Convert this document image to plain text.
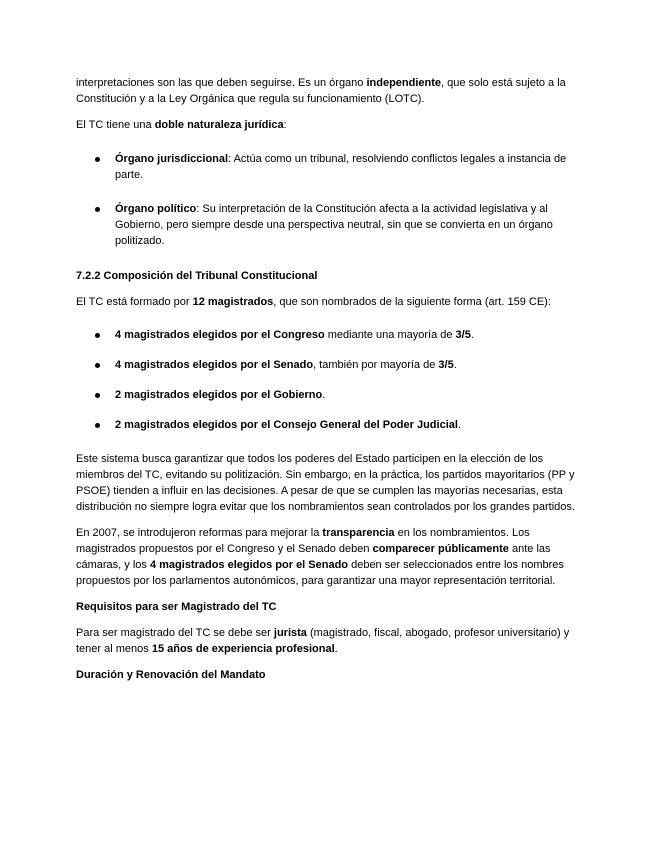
interpretaciones son las que deben seguirse. Es un órgano independiente, que solo está sujeto a la Constitución y a la Ley Orgánica que regula su funcionamiento (LOTC).

El TC tiene una doble naturaleza jurídica:

Órgano jurisdiccional: Actúa como un tribunal, resolviendo conflictos legales a instancia de parte.
Órgano político: Su interpretación de la Constitución afecta a la actividad legislativa y al Gobierno, pero siempre desde una perspectiva neutral, sin que se convierta en un órgano politizado.

7.2.2 Composición del Tribunal Constitucional

El TC está formado por 12 magistrados, que son nombrados de la siguiente forma (art. 159 CE):

4 magistrados elegidos por el Congreso mediante una mayoría de 3/5.
4 magistrados elegidos por el Senado, también por mayoría de 3/5.
2 magistrados elegidos por el Gobierno.
2 magistrados elegidos por el Consejo General del Poder Judicial.

Este sistema busca garantizar que todos los poderes del Estado participen en la elección de los miembros del TC, evitando su politización. Sin embargo, en la práctica, los partidos mayoritarios (PP y PSOE) tienden a influir en las decisiones. A pesar de que se cumplen las mayorías necesarias, esta distribución no siempre logra evitar que los nombramientos sean controlados por los grandes partidos.

En 2007, se introdujeron reformas para mejorar la transparencia en los nombramientos. Los magistrados propuestos por el Congreso y el Senado deben comparecer públicamente ante las cámaras, y los 4 magistrados elegidos por el Senado deben ser seleccionados entre los nombres propuestos por los parlamentos autonómicos, para garantizar una mayor representación territorial.

Requisitos para ser Magistrado del TC

Para ser magistrado del TC se debe ser jurista (magistrado, fiscal, abogado, profesor universitario) y tener al menos 15 años de experiencia profesional.

Duración y Renovación del Mandato
